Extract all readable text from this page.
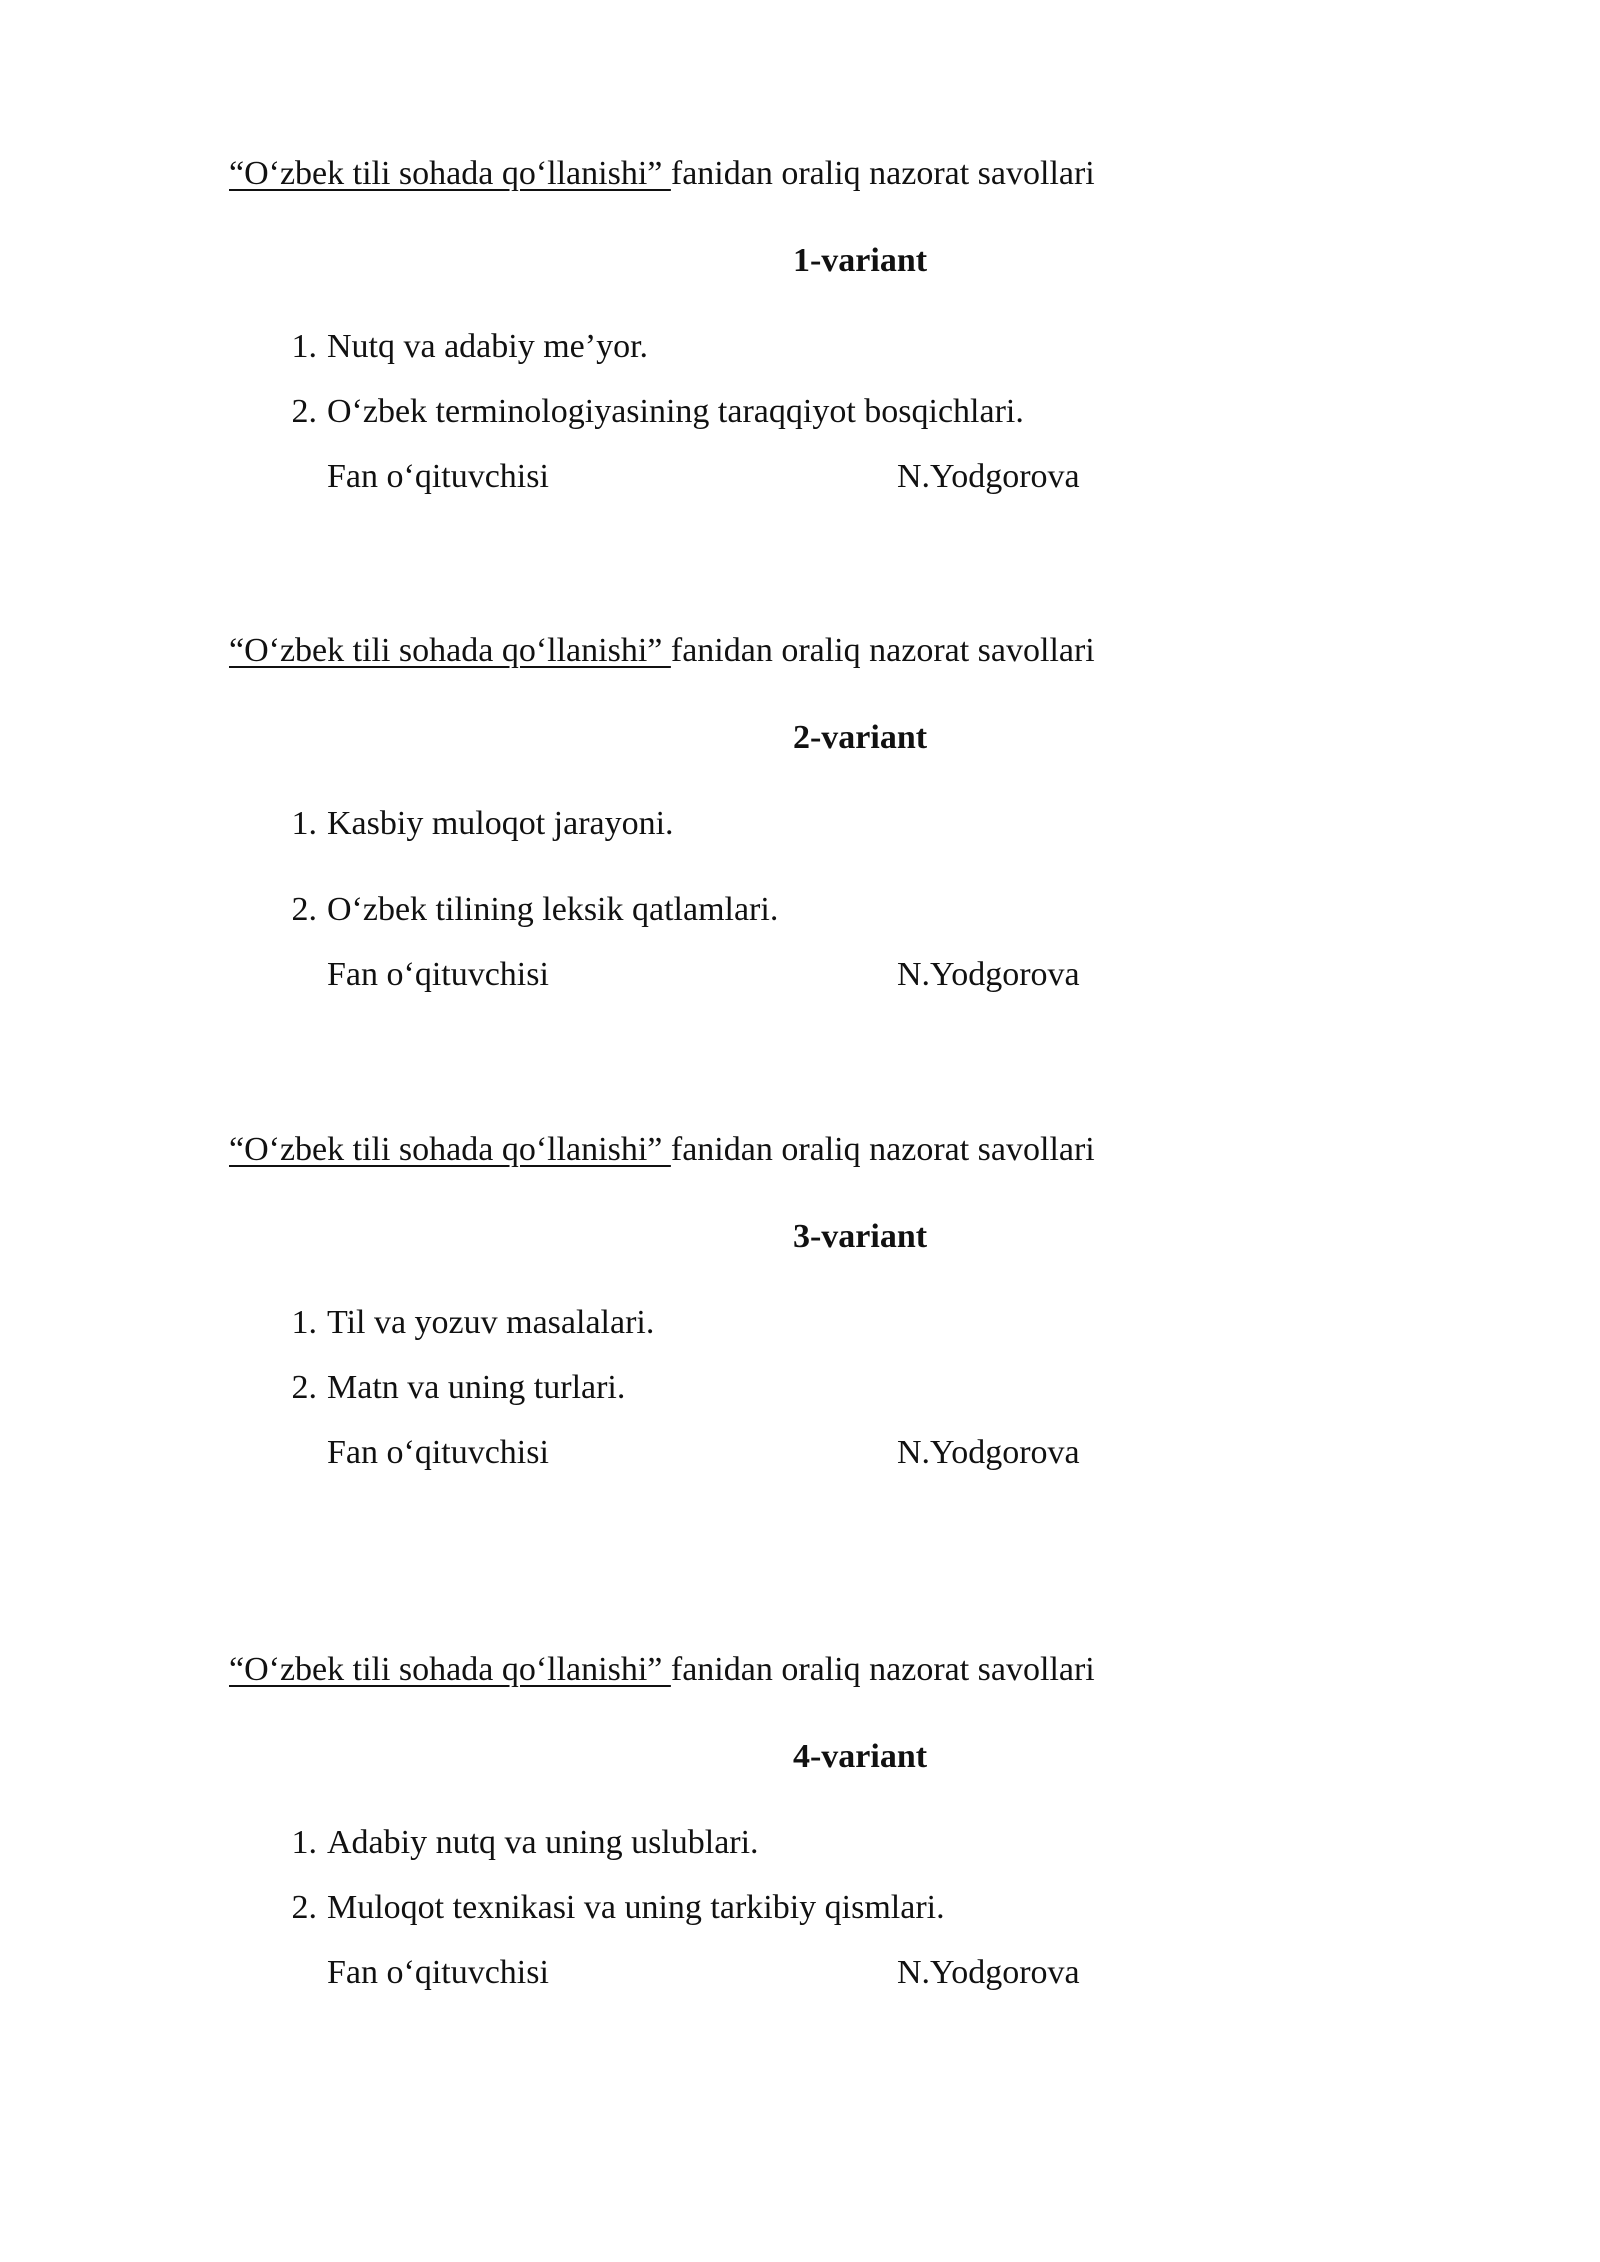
“O‘zbek tili sohada qo‘llanishi” fanidan oraliq nazorat savollari
1-variant
1. Nutq va adabiy me’yor.
2. O‘zbek terminologiyasining taraqqiyot bosqichlari.
Fan o‘qituvchisi	N.Yodgorova
“O‘zbek tili sohada qo‘llanishi” fanidan oraliq nazorat savollari
2-variant
1. Kasbiy muloqot jarayoni.
2. O‘zbek tilining leksik qatlamlari.
Fan o‘qituvchisi	N.Yodgorova
“O‘zbek tili sohada qo‘llanishi” fanidan oraliq nazorat savollari
3-variant
1. Til va yozuv masalalari.
2. Matn va uning turlari.
Fan o‘qituvchisi	N.Yodgorova
“O‘zbek tili sohada qo‘llanishi” fanidan oraliq nazorat savollari
4-variant
1. Adabiy nutq va uning uslublari.
2. Muloqot texnikasi va uning tarkibiy qismlari.
Fan o‘qituvchisi	N.Yodgorova
